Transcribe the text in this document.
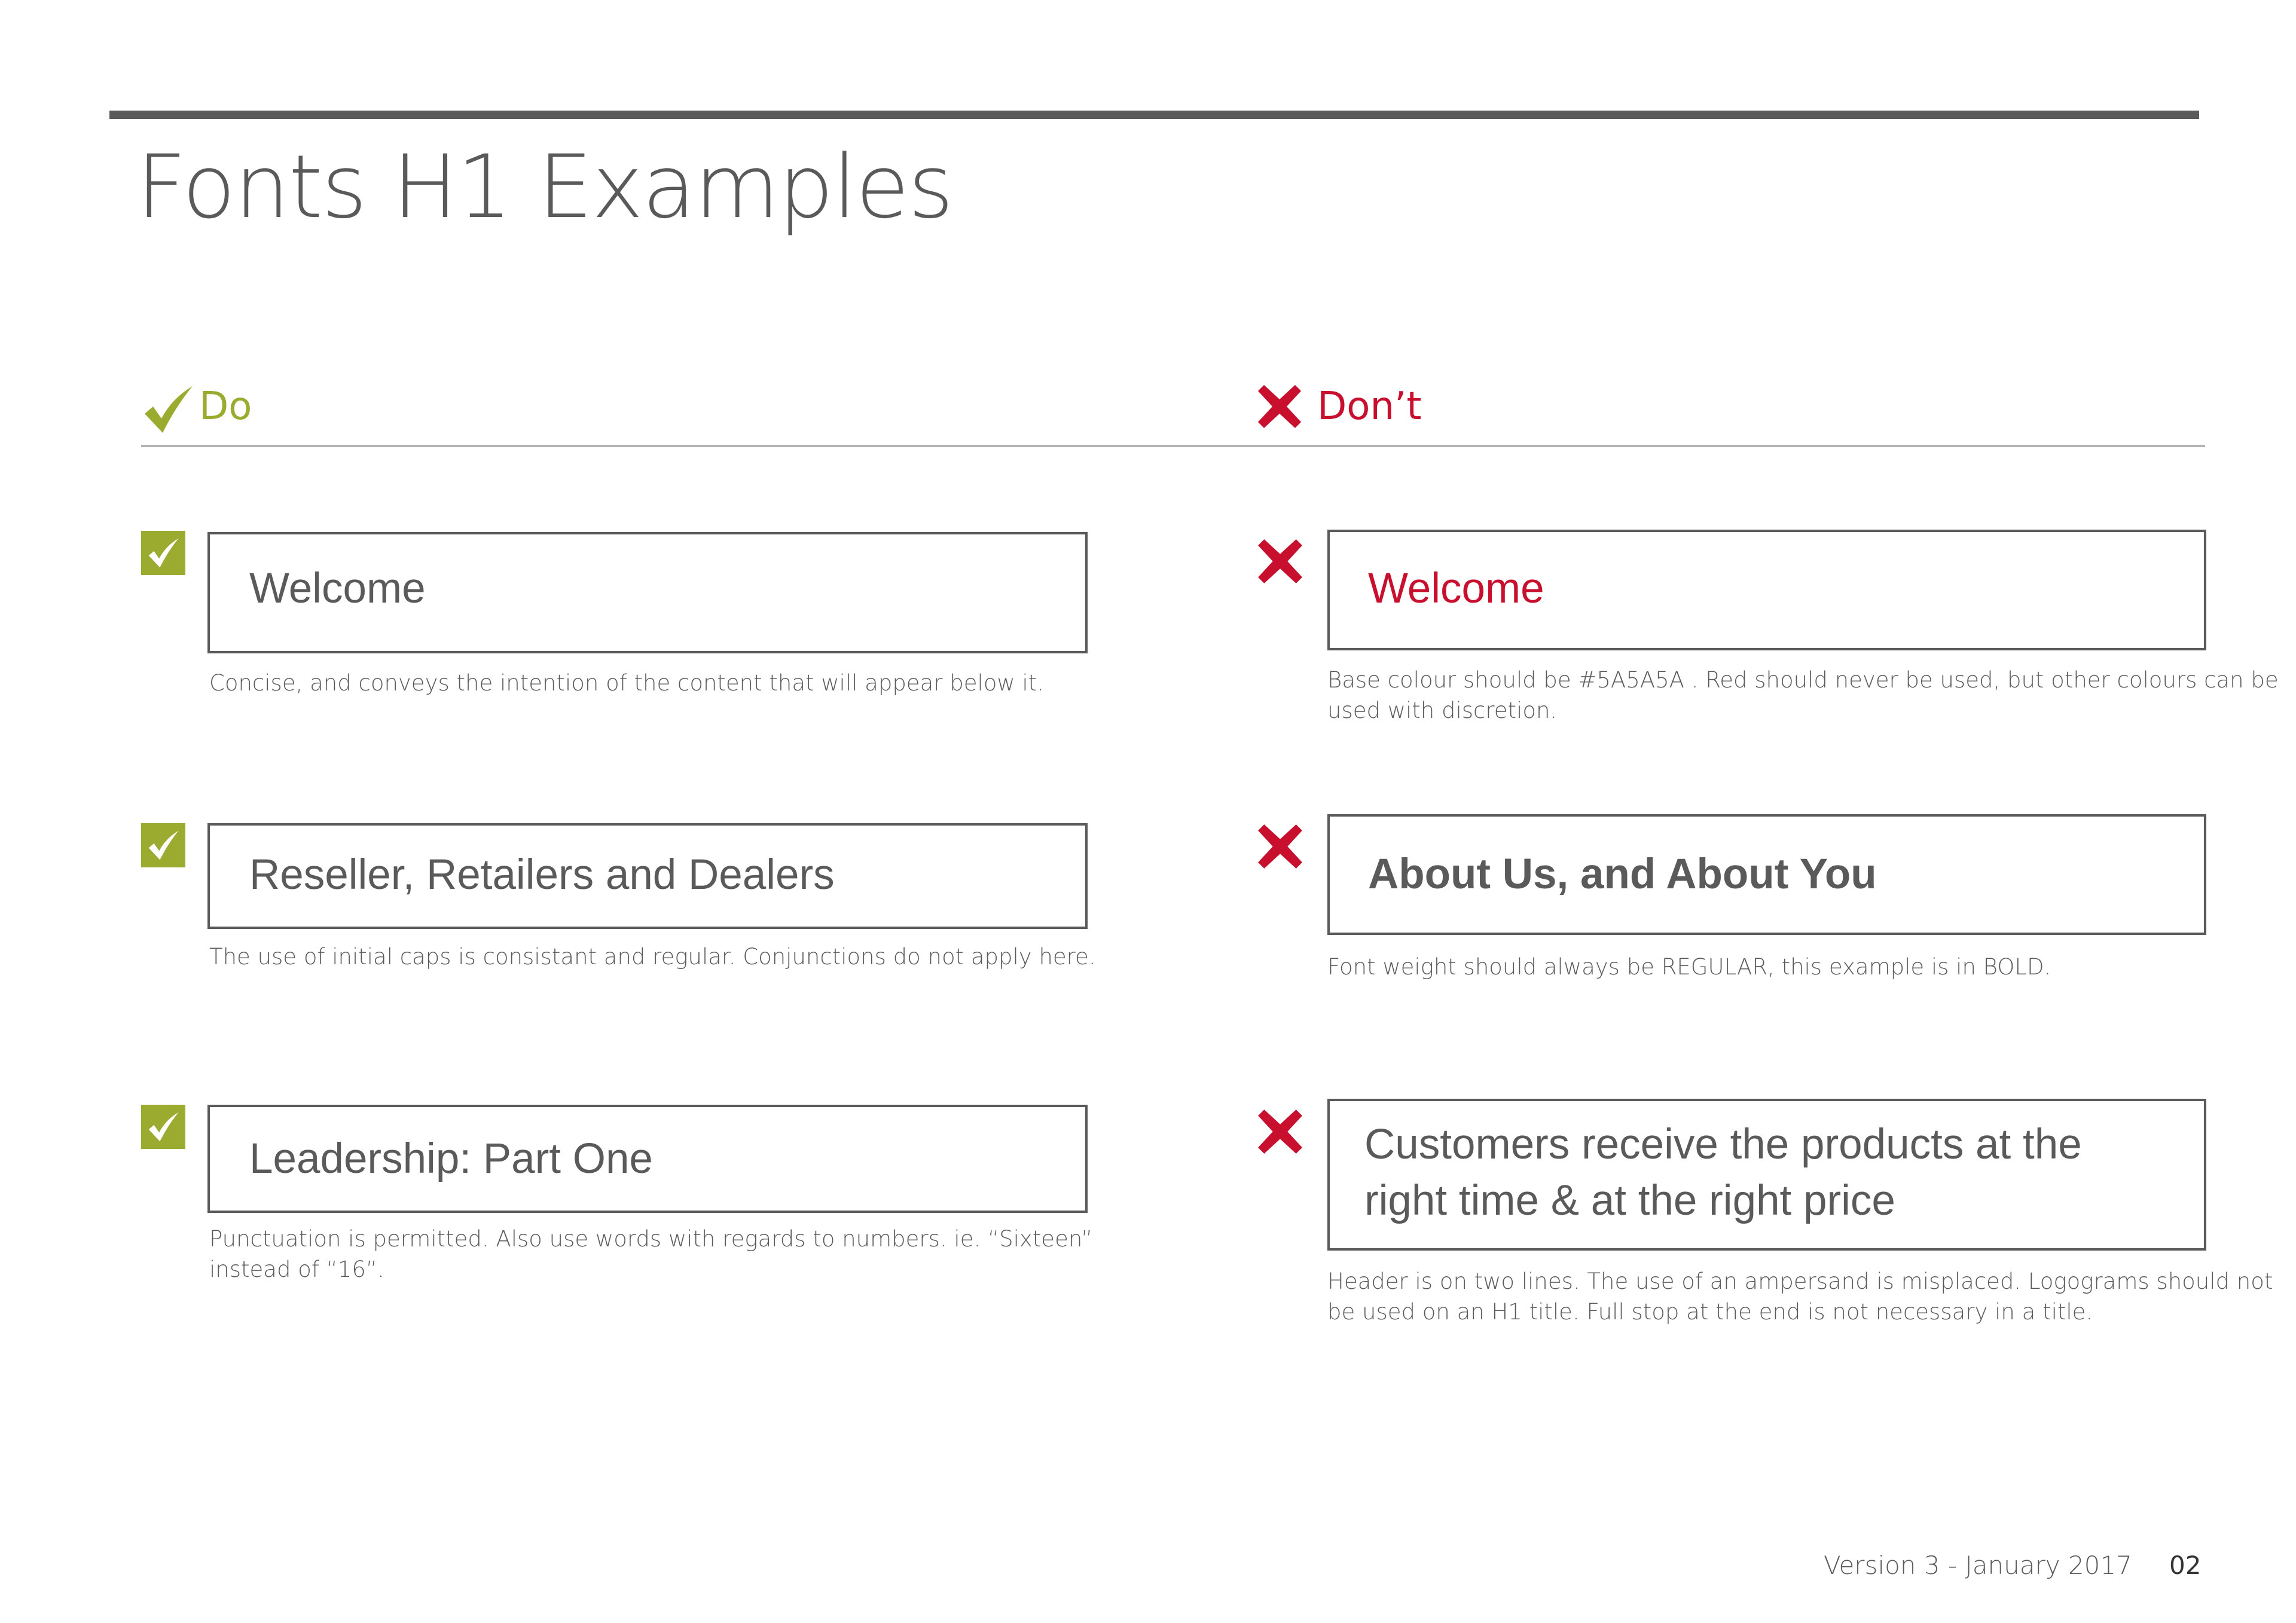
Fonts H1 Examples
Do	Don’t
Welcome
Concise, and conveys the intention of the content that will appear below it.
Reseller, Retailers and Dealers
The use of initial caps is consistant and regular. Conjunctions do not apply here.
Leadership: Part One
Punctuation is permitted. Also use words with regards to numbers. ie. “Sixteen”
instead of “16”.
Welcome
Base colour should be #5A5A5A . Red should never be used, but other colours can be
used with discretion.
About Us, and About You
Font weight should always be REGULAR, this example is in BOLD.
Customers receive the products at the
right time & at the right price
Header is on two lines. The use of an ampersand is misplaced. Logograms should not
be used on an H1 title. Full stop at the end is not necessary in a title.
Version 3 - January 2017 02
